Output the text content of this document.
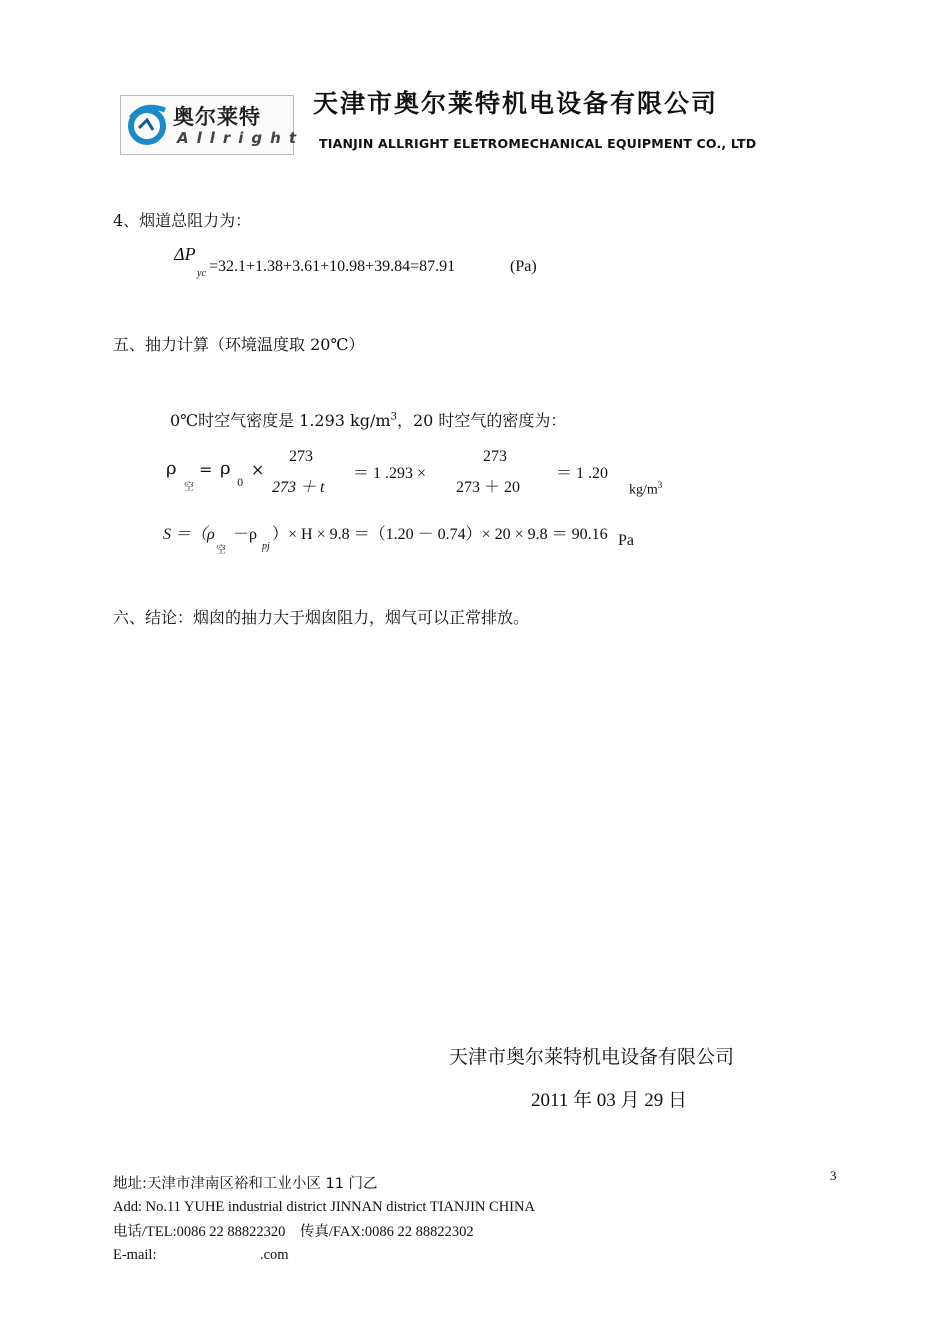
奥尔莱特
Allright
天津市奥尔莱特机电设备有限公司
TIANJIN ALLRIGHT ELETROMECHANICAL EQUIPMENT CO., LTD
4、烟道总阻力为：
ΔP
yc =32.1+1.38+3.61+10.98+39.84=87.91	(Pa)
五、抽力计算（环境温度取 20℃）
0℃时空气密度是 1.293 $kg/m^3$，20 时空气的密度为：
ρ
空
= ρ
0
×
273
273 ＋ t
＝ 1 .293 ×
273
273 ＋ 20
＝ 1 .20
$kg/m^3$
S ＝（ρ
空
－ρ
pj
）× H × 9.8 ＝（1.20 － 0.74）× 20 × 9.8 ＝ 90.16 Pa
六、结论：烟囱的抽力大于烟囱阻力，烟气可以正常排放。
天津市奥尔莱特机电设备有限公司
2011 年 03 月 29 日
地址:天津市津南区裕和工业小区 11 门乙
Add: No.11 YUHE industrial district JINNAN district TIANJIN CHINA
电话/TEL:0086 22 88822320　传真/FAX:0086 22 88822302
E-mail:	.com
3
